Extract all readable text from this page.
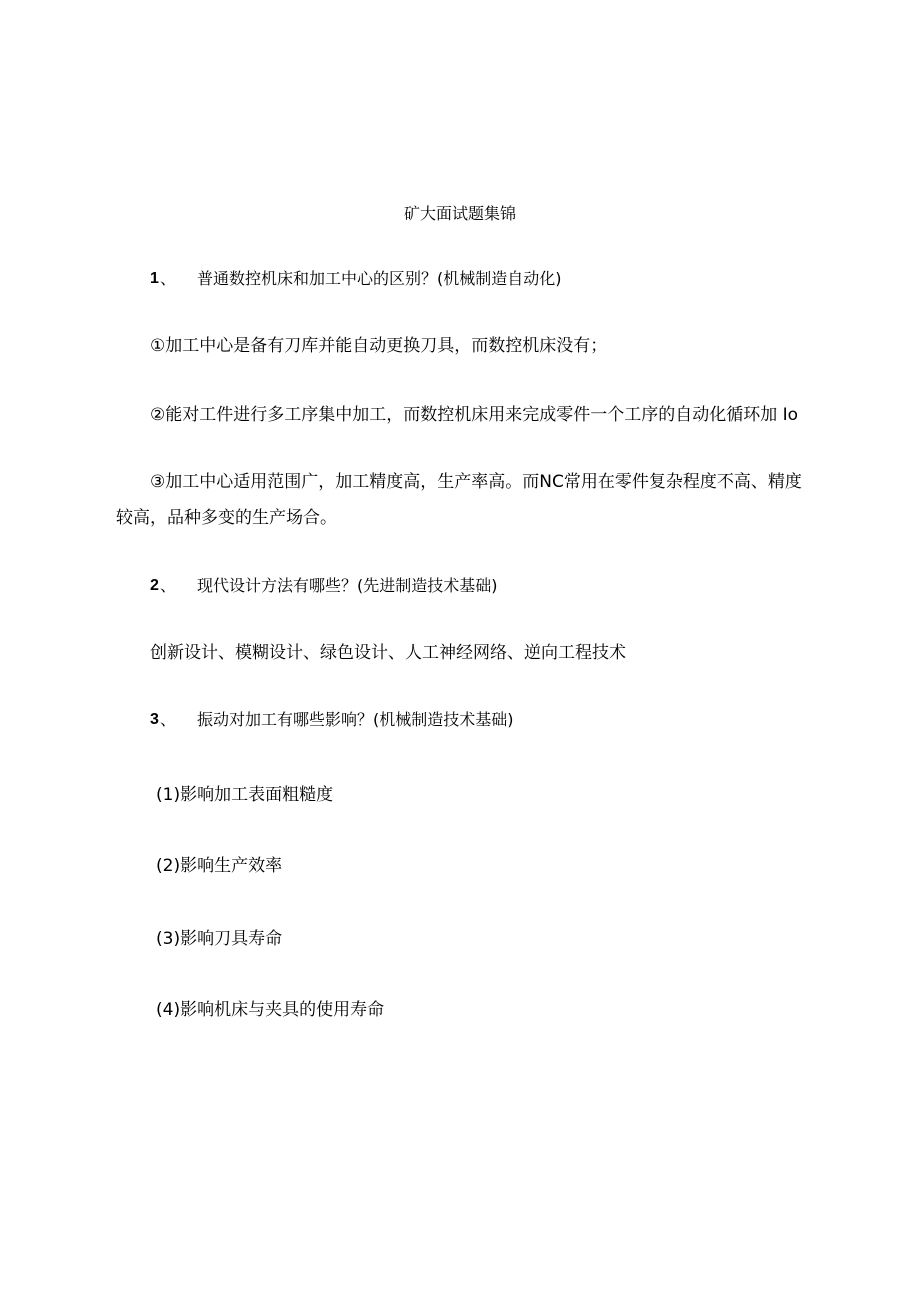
矿大面试题集锦
1 、 普通数控机床和加工中心的区别？(机械制造自动化)
①加工中心是备有刀库并能自动更换刀具，而数控机床没有；
②能对工件进行多工序集中加工，而数控机床用来完成零件一个工序的自动化循环加 Io
③加工中心适用范围广，加工精度高，生产率高。而NC常用在零件复杂程度不高、精度较高，品种多变的生产场合。
2 、 现代设计方法有哪些？(先进制造技术基础)
创新设计、模糊设计、绿色设计、人工神经网络、逆向工程技术
3 、 振动对加工有哪些影响？(机械制造技术基础)
(1)影响加工表面粗糙度
(2)影响生产效率
(3)影响刀具寿命
(4)影响机床与夹具的使用寿命
